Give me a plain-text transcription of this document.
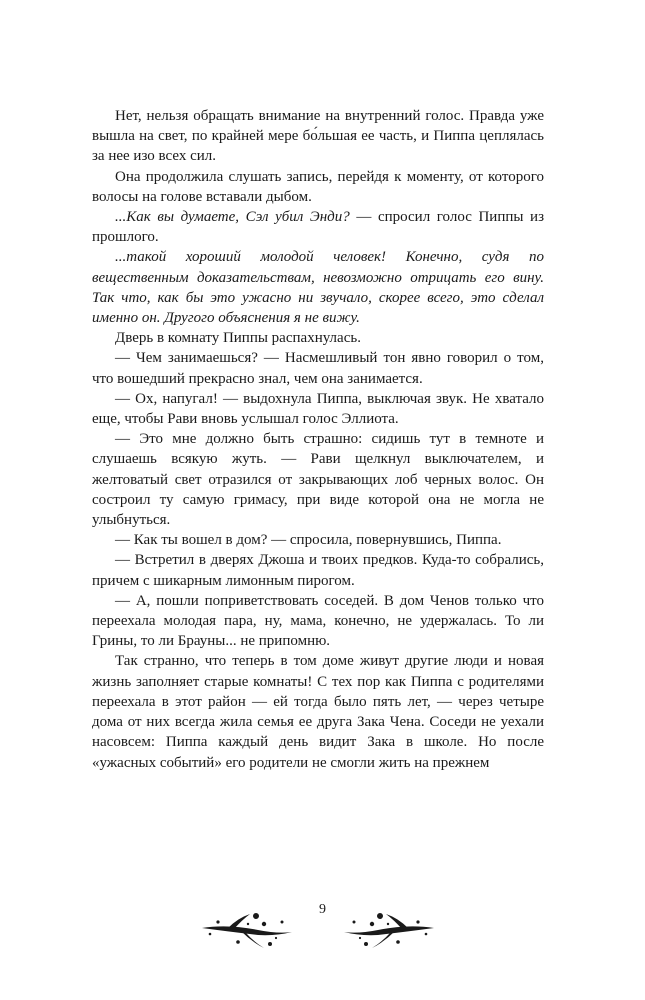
Нет, нельзя обращать внимание на внутренний голос. Правда уже вышла на свет, по крайней мере бо́льшая ее часть, и Пиппа цеплялась за нее изо всех сил.

Она продолжила слушать запись, перейдя к моменту, от которого волосы на голове вставали дыбом.

...Как вы думаете, Сэл убил Энди? — спросил голос Пиппы из прошлого.

...такой хороший молодой человек! Конечно, судя по вещественным доказательствам, невозможно отрицать его вину. Так что, как бы это ужасно ни звучало, скорее всего, это сделал именно он. Другого объяснения я не вижу.

Дверь в комнату Пиппы распахнулась.

— Чем занимаешься? — Насмешливый тон явно говорил о том, что вошедший прекрасно знал, чем она занимается.

— Ох, напугал! — выдохнула Пиппа, выключая звук. Не хватало еще, чтобы Рави вновь услышал голос Эллиота.

— Это мне должно быть страшно: сидишь тут в темноте и слушаешь всякую жуть. — Рави щелкнул выключателем, и желтоватый свет отразился от закрывающих лоб черных волос. Он состроил ту самую гримасу, при виде которой она не могла не улыбнуться.

— Как ты вошел в дом? — спросила, повернувшись, Пиппа.

— Встретил в дверях Джоша и твоих предков. Куда-то собрались, причем с шикарным лимонным пирогом.

— А, пошли поприветствовать соседей. В дом Ченов только что переехала молодая пара, ну, мама, конечно, не удержалась. То ли Грины, то ли Брауны... не припомню.

Так странно, что теперь в том доме живут другие люди и новая жизнь заполняет старые комнаты! С тех пор как Пиппа с родителями переехала в этот район — ей тогда было пять лет, — через четыре дома от них всегда жила семья ее друга Зака Чена. Соседи не уехали насовсем: Пиппа каждый день видит Зака в школе. Но после «ужасных событий» его родители не смогли жить на прежнем

9
